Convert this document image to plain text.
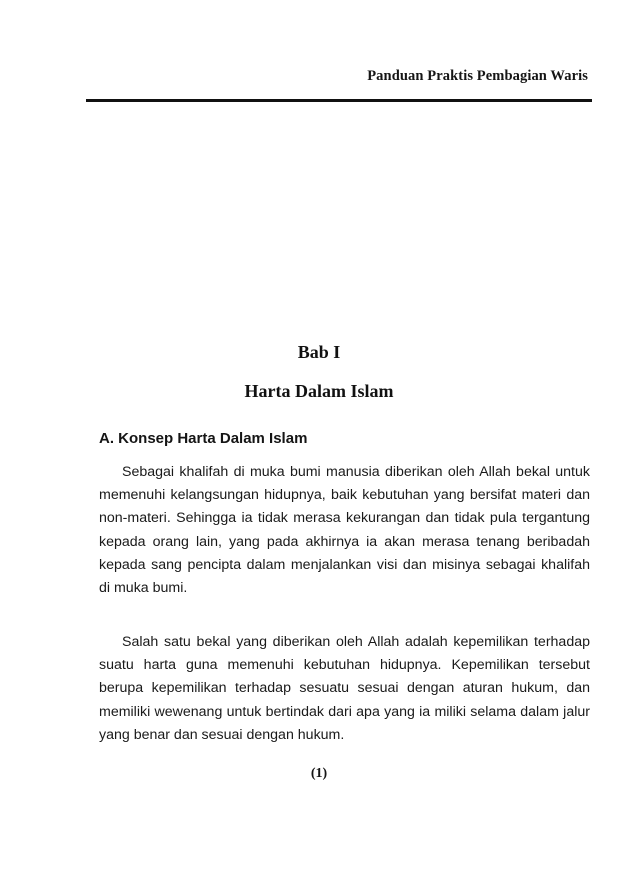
Panduan Praktis Pembagian Waris
Bab I
Harta Dalam Islam
A. Konsep Harta Dalam Islam

Sebagai khalifah di muka bumi manusia diberikan oleh Allah bekal untuk memenuhi kelangsungan hidupnya, baik kebutuhan yang bersifat materi dan non-materi. Sehingga ia tidak merasa kekurangan dan tidak pula tergantung kepada orang lain, yang pada akhirnya ia akan merasa tenang beribadah kepada sang pencipta dalam menjalankan visi dan misinya sebagai khalifah di muka bumi.

Salah satu bekal yang diberikan oleh Allah adalah kepemilikan terhadap suatu harta guna memenuhi kebutuhan hidupnya. Kepemilikan tersebut berupa kepemilikan terhadap sesuatu sesuai dengan aturan hukum, dan memiliki wewenang untuk bertindak dari apa yang ia miliki selama dalam jalur yang benar dan sesuai dengan hukum.

(1)
